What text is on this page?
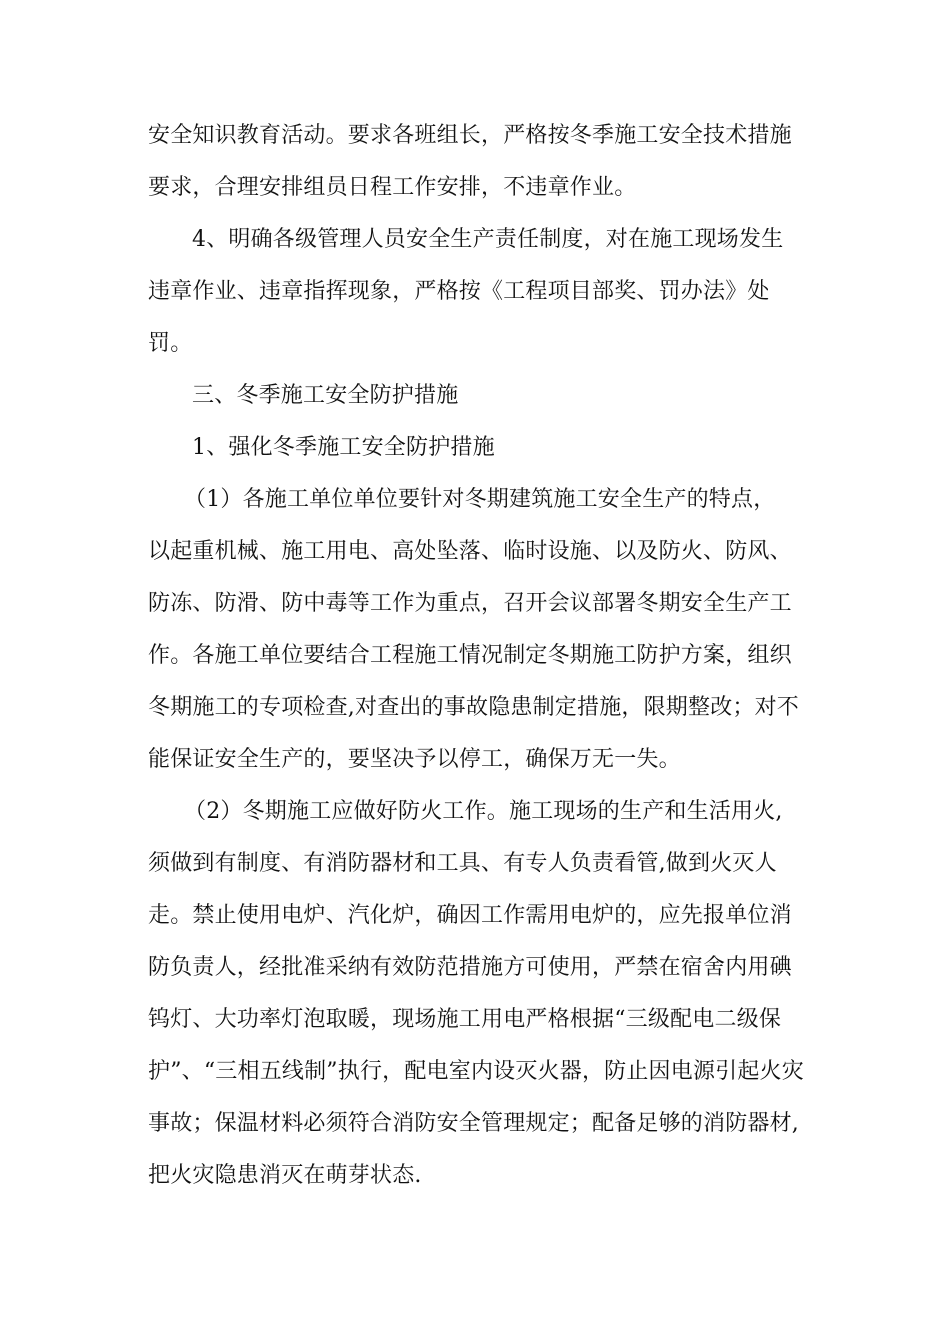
安全知识教育活动。要求各班组长，严格按冬季施工安全技术措施
要求，合理安排组员日程工作安排，不违章作业。
4、明确各级管理人员安全生产责任制度，对在施工现场发生
违章作业、违章指挥现象，严格按《工程项目部奖、罚办法》处
罚。
三、冬季施工安全防护措施
1、强化冬季施工安全防护措施
（1）各施工单位单位要针对冬期建筑施工安全生产的特点，
以起重机械、施工用电、高处坠落、临时设施、以及防火、防风、
防冻、防滑、防中毒等工作为重点，召开会议部署冬期安全生产工
作。各施工单位要结合工程施工情况制定冬期施工防护方案，组织
冬期施工的专项检查,对查出的事故隐患制定措施，限期整改；对不
能保证安全生产的，要坚决予以停工，确保万无一失。
（2）冬期施工应做好防火工作。施工现场的生产和生活用火,
须做到有制度、有消防器材和工具、有专人负责看管,做到火灭人
走。禁止使用电炉、汽化炉，确因工作需用电炉的，应先报单位消
防负责人，经批准采纳有效防范措施方可使用，严禁在宿舍内用碘
钨灯、大功率灯泡取暖，现场施工用电严格根据“三级配电二级保
护”、“三相五线制”执行，配电室内设灭火器，防止因电源引起火灾
事故；保温材料必须符合消防安全管理规定；配备足够的消防器材,
把火灾隐患消灭在萌芽状态.
